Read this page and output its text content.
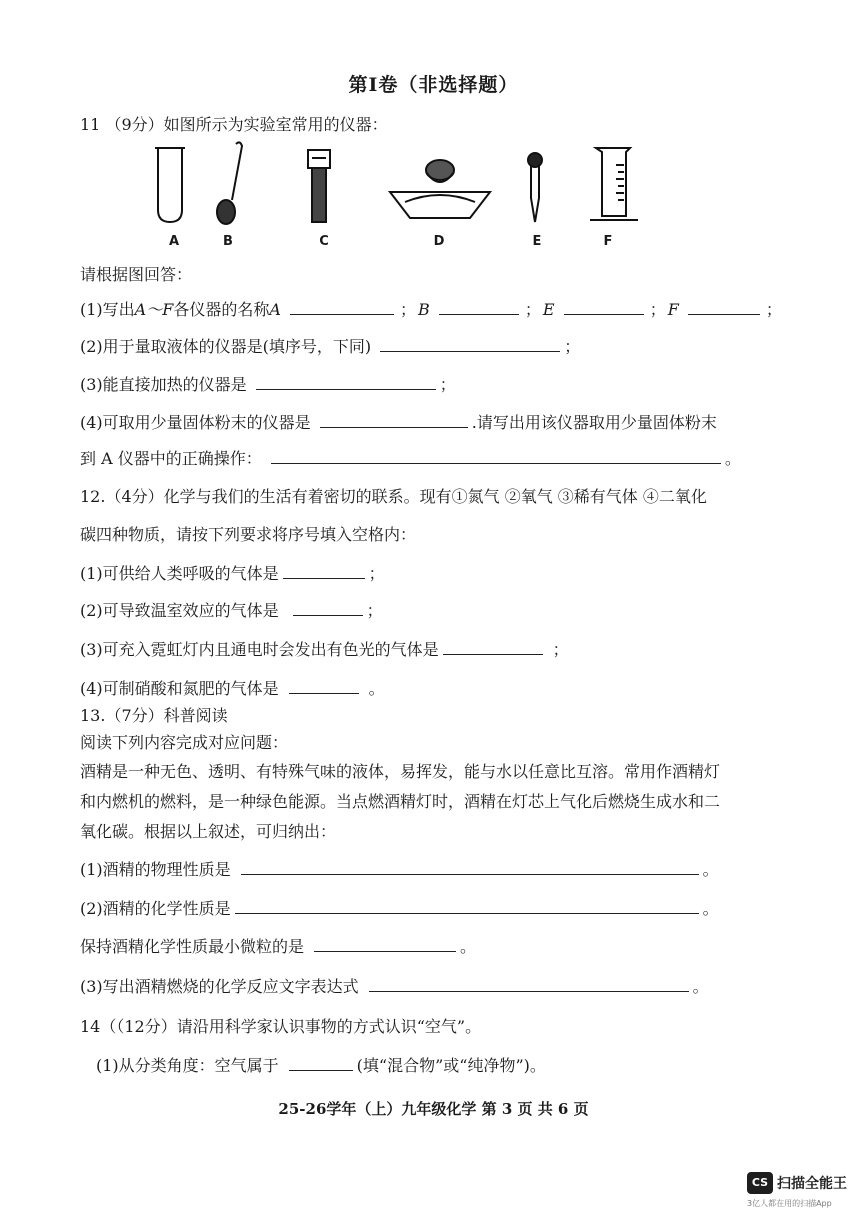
第Ⅰ卷（非选择题）
11 （9分）如图所示为实验室常用的仪器：
A	B	C	D	E	F
请根据图回答：
(1)写出A～F各仪器的名称A	； B	； E	； F	；
(2)用于量取液体的仪器是(填序号，下同)	；
(3)能直接加热的仪器是	；
(4)可取用少量固体粉末的仪器是	.请写出用该仪器取用少量固体粉末
到 A 仪器中的正确操作：	。
12.（4分）化学与我们的生活有着密切的联系。现有①氮气 ②氧气 ③稀有气体 ④二氧化
碳四种物质，请按下列要求将序号填入空格内：
(1)可供给人类呼吸的气体是	；
(2)可导致温室效应的气体是	；
(3)可充入霓虹灯内且通电时会发出有色光的气体是	；
(4)可制硝酸和氮肥的气体是	。
13.（7分）科普阅读
阅读下列内容完成对应问题：
酒精是一种无色、透明、有特殊气味的液体，易挥发，能与水以任意比互溶。常用作酒精灯
和内燃机的燃料，是一种绿色能源。当点燃酒精灯时，酒精在灯芯上气化后燃烧生成水和二
氧化碳。根据以上叙述，可归纳出：
(1)酒精的物理性质是	。
(2)酒精的化学性质是	。
保持酒精化学性质最小微粒的是	。
(3)写出酒精燃烧的化学反应文字表达式	。
14（（12分）请沿用科学家认识事物的方式认识“空气”。
(1)从分类角度：空气属于	(填“混合物”或“纯净物”)。
25-26学年（上）九年级化学 第 3 页 共 6 页
CS 扫描全能王
3亿人都在用的扫描App
